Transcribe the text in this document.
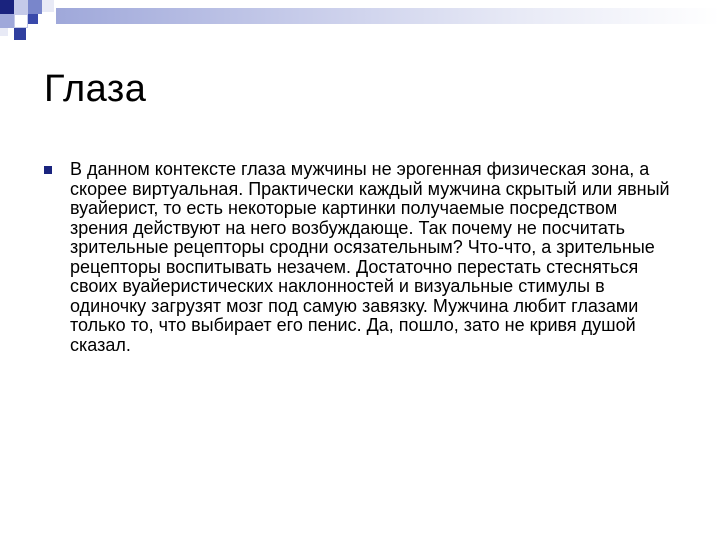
Глаза
В данном контексте глаза мужчины не эрогенная физическая зона, а скорее виртуальная. Практически каждый мужчина скрытый или явный вуайерист, то есть некоторые картинки получаемые посредством зрения действуют на него возбуждающе. Так почему не посчитать зрительные рецепторы сродни осязательным? Что-что, а зрительные рецепторы воспитывать незачем. Достаточно перестать стесняться своих вуайеристических наклонностей и визуальные стимулы в одиночку загрузят мозг под самую завязку. Мужчина любит глазами только то, что выбирает его пенис. Да, пошло, зато не кривя душой сказал.
